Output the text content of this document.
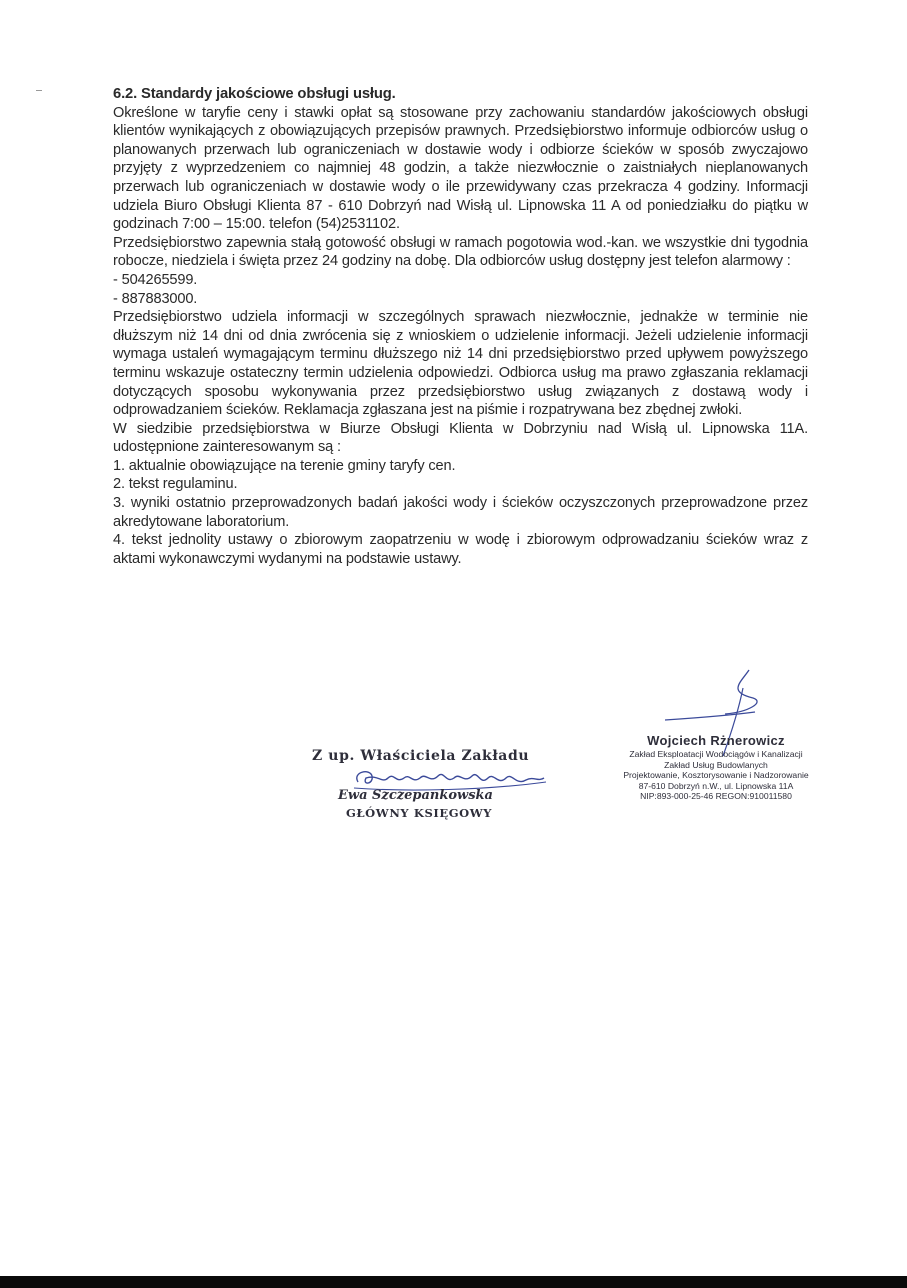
6.2. Standardy jakościowe obsługi usług.

Określone w taryfie ceny i stawki opłat są stosowane przy zachowaniu standardów jakościowych obsługi klientów wynikających z obowiązujących przepisów prawnych. Przedsiębiorstwo informuje odbiorców usług o planowanych przerwach lub ograniczeniach w dostawie wody i odbiorze ścieków w sposób zwyczajowo przyjęty z wyprzedzeniem co najmniej 48 godzin, a także niezwłocznie o zaistniałych nieplanowanych przerwach lub ograniczeniach w dostawie wody o ile przewidywany czas przekracza 4 godziny. Informacji udziela Biuro Obsługi Klienta 87 - 610 Dobrzyń nad Wisłą ul. Lipnowska 11 A od poniedziałku do piątku w godzinach 7:00 – 15:00. telefon (54)2531102.

Przedsiębiorstwo zapewnia stałą gotowość obsługi w ramach pogotowia wod.-kan. we wszystkie dni tygodnia robocze, niedziela i święta przez 24 godziny na dobę. Dla odbiorców usług dostępny jest telefon alarmowy :

- 504265599.

- 887883000.

Przedsiębiorstwo udziela informacji w szczególnych sprawach niezwłocznie, jednakże w terminie nie dłuższym niż 14 dni od dnia zwrócenia się z wnioskiem o udzielenie informacji. Jeżeli udzielenie informacji wymaga ustaleń wymagającym terminu dłuższego niż 14 dni przedsiębiorstwo przed upływem powyższego terminu wskazuje ostateczny termin udzielenia odpowiedzi. Odbiorca usług ma prawo zgłaszania reklamacji dotyczących sposobu wykonywania przez przedsiębiorstwo usług związanych z dostawą wody i odprowadzaniem ścieków. Reklamacja zgłaszana jest na piśmie i rozpatrywana bez zbędnej zwłoki.

W siedzibie przedsiębiorstwa w Biurze Obsługi Klienta w Dobrzyniu nad Wisłą ul. Lipnowska 11A. udostępnione zainteresowanym są :

1. aktualnie obowiązujące na terenie gminy taryfy cen.

2. tekst regulaminu.

3. wyniki ostatnio przeprowadzonych badań jakości wody i ścieków oczyszczonych przeprowadzone przez akredytowane laboratorium.

4. tekst jednolity ustawy o zbiorowym zaopatrzeniu w wodę i zbiorowym odprowadzaniu ścieków wraz z aktami wykonawczymi wydanymi na podstawie ustawy.

Z up. Właściciela Zakładu
Ewa Szczepankowska
GŁÓWNY KSIĘGOWY
Wojciech Rżnerowicz
Zakład Eksploatacji Wodociągów i Kanalizacji
Zakład Usług Budowlanych
Projektowanie, Kosztorysowanie i Nadzorowanie
87-610 Dobrzyń n.W., ul. Lipnowska 11A
NIP:893-000-25-46 REGON:910011580
